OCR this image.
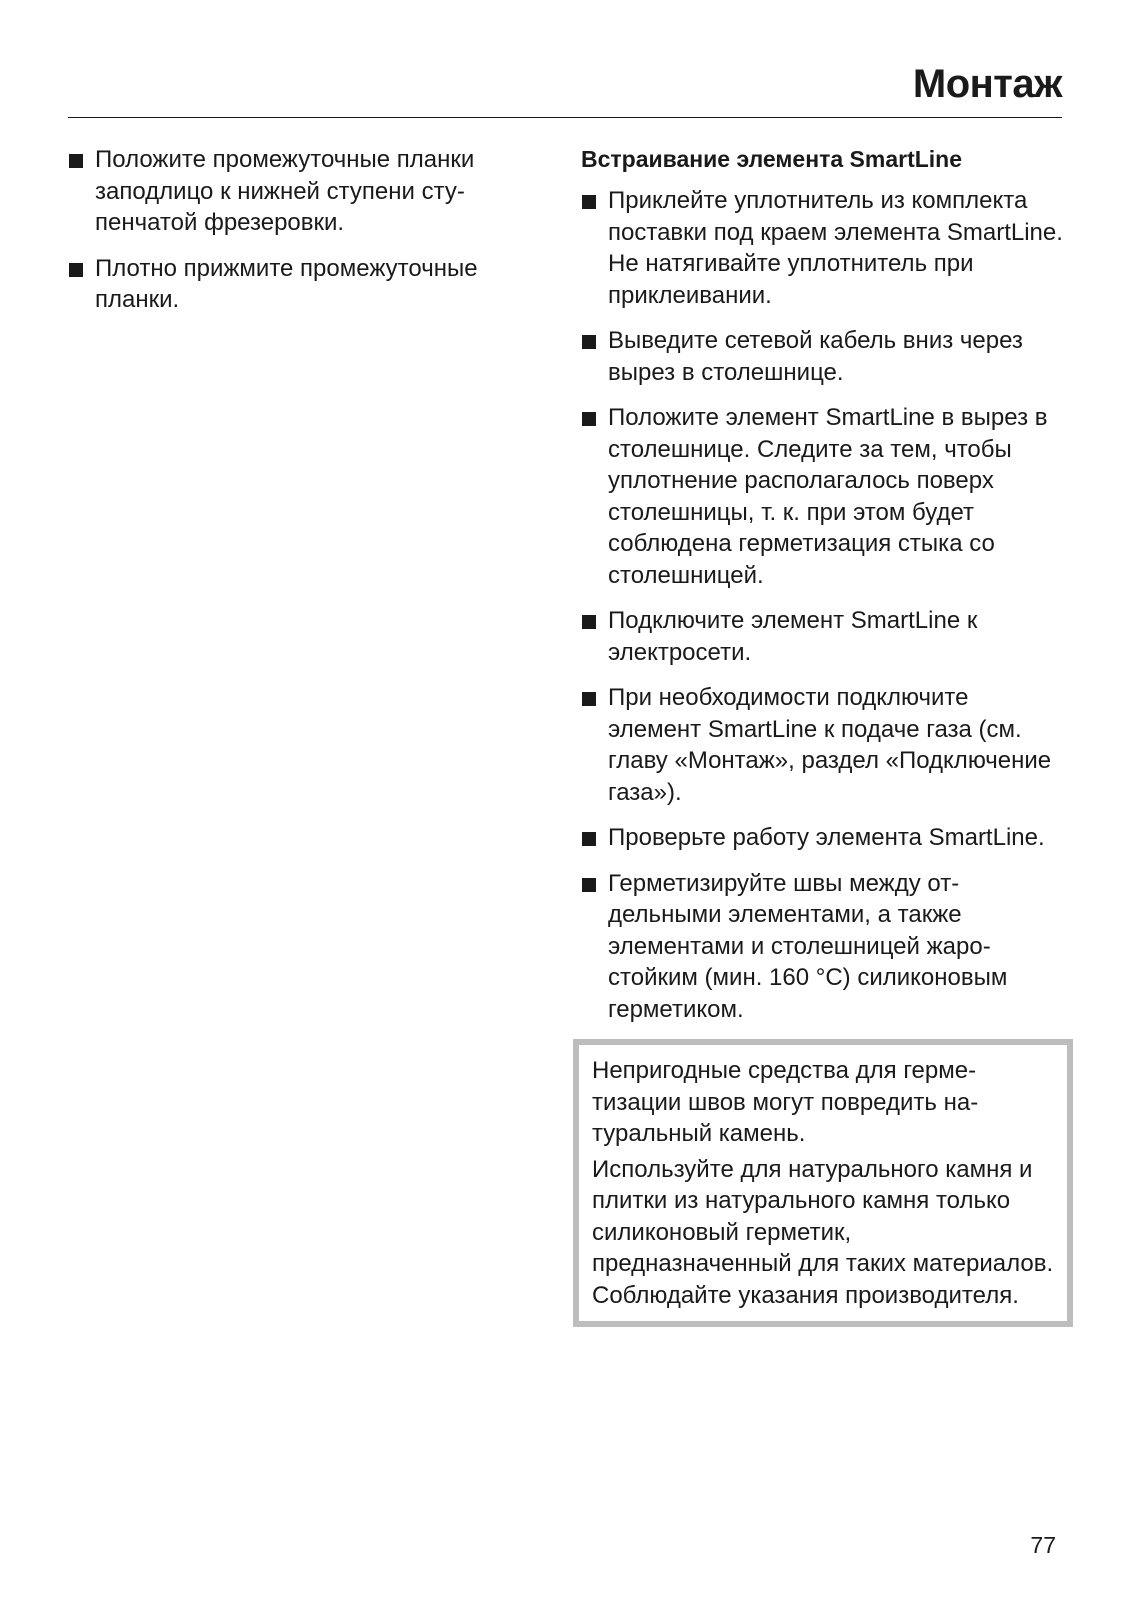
Монтаж
Положите промежуточные планки заподлицо к нижней ступени ступенчатой фрезеровки.
Плотно прижмите промежуточные планки.
Встраивание элемента SmartLine
Приклейте уплотнитель из комплекта поставки под краем элемента SmartLine. Не натягивайте уплотнитель при приклеивании.
Выведите сетевой кабель вниз через вырез в столешнице.
Положите элемент SmartLine в вырез в столешнице. Следите за тем, чтобы уплотнение располагалось поверх столешницы, т. к. при этом будет соблюдена герметизация стыка со столешницей.
Подключите элемент SmartLine к электросети.
При необходимости подключите элемент SmartLine к подаче газа (см. главу «Монтаж», раздел «Подключение газа»).
Проверьте работу элемента SmartLine.
Герметизируйте швы между отдельными элементами, а также элементами и столешницей жаростойким (мин. 160 °C) силиконовым герметиком.

Непригодные средства для герметизации швов могут повредить натуральный камень.

Используйте для натурального камня и плитки из натурального камня только силиконовый герметик, предназначенный для таких материалов. Соблюдайте указания производителя.

77
